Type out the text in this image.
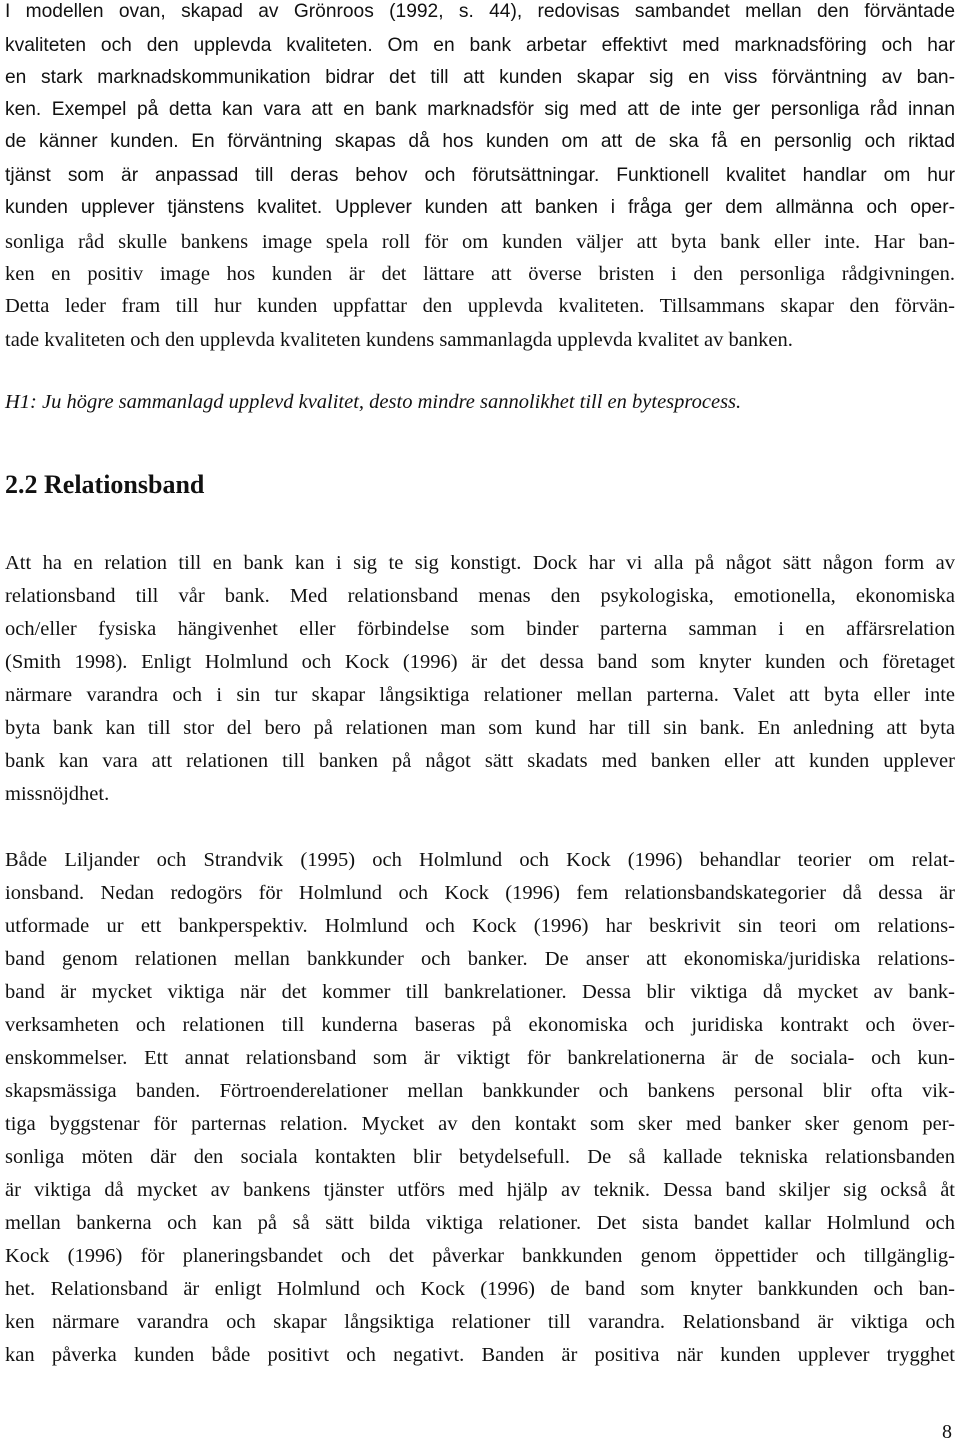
I modellen ovan, skapad av Grönroos (1992, s. 44), redovisas sambandet mellan den förväntade
kvaliteten och den upplevda kvaliteten. Om en bank arbetar effektivt med marknadsföring och har
en stark marknadskommunikation bidrar det till att kunden skapar sig en viss förväntning av ban-
ken. Exempel på detta kan vara att en bank marknadsför sig med att de inte ger personliga råd innan
de känner kunden. En förväntning skapas då hos kunden om att de ska få en personlig och riktad
tjänst som är anpassad till deras behov och förutsättningar. Funktionell kvalitet handlar om hur
kunden upplever tjänstens kvalitet. Upplever kunden att banken i fråga ger dem allmänna och oper-
sonliga råd skulle bankens image spela roll för om kunden väljer att byta bank eller inte. Har ban-
ken en positiv image hos kunden är det lättare att överse bristen i den personliga rådgivningen.
Detta leder fram till hur kunden uppfattar den upplevda kvaliteten. Tillsammans skapar den förvän-
tade kvaliteten och den upplevda kvaliteten kundens sammanlagda upplevda kvalitet av banken.
H1: Ju högre sammanlagd upplevd kvalitet, desto mindre sannolikhet till en bytesprocess.
2.2 Relationsband
Att ha en relation till en bank kan i sig te sig konstigt. Dock har vi alla på något sätt någon form av
relationsband till vår bank. Med relationsband menas den psykologiska, emotionella, ekonomiska
och/eller fysiska hängivenhet eller förbindelse som binder parterna samman i en affärsrelation
(Smith 1998). Enligt Holmlund och Kock (1996) är det dessa band som knyter kunden och företaget
närmare varandra och i sin tur skapar långsiktiga relationer mellan parterna. Valet att byta eller inte
byta bank kan till stor del bero på relationen man som kund har till sin bank. En anledning att byta
bank kan vara att relationen till banken på något sätt skadats med banken eller att kunden upplever
missnöjdhet.
Både Liljander och Strandvik (1995) och Holmlund och Kock (1996) behandlar teorier om relat-
ionsband. Nedan redogörs för Holmlund och Kock (1996) fem relationsbandskategorier då dessa är
utformade ur ett bankperspektiv. Holmlund och Kock (1996) har beskrivit sin teori om relations-
band genom relationen mellan bankkunder och banker. De anser att ekonomiska/juridiska relations-
band är mycket viktiga när det kommer till bankrelationer. Dessa blir viktiga då mycket av bank-
verksamheten och relationen till kunderna baseras på ekonomiska och juridiska kontrakt och över-
enskommelser. Ett annat relationsband som är viktigt för bankrelationerna är de sociala- och kun-
skapsmässiga banden. Förtroenderelationer mellan bankkunder och bankens personal blir ofta vik-
tiga byggstenar för parternas relation. Mycket av den kontakt som sker med banker sker genom per-
sonliga möten där den sociala kontakten blir betydelsefull. De så kallade tekniska relationsbanden
är viktiga då mycket av bankens tjänster utförs med hjälp av teknik. Dessa band skiljer sig också åt
mellan bankerna och kan på så sätt bilda viktiga relationer. Det sista bandet kallar Holmlund och
Kock (1996) för planeringsbandet och det påverkar bankkunden genom öppettider och tillgänglig-
het. Relationsband är enligt Holmlund och Kock (1996) de band som knyter bankkunden och ban-
ken närmare varandra och skapar långsiktiga relationer till varandra. Relationsband är viktiga och
kan påverka kunden både positivt och negativt. Banden är positiva när kunden upplever trygghet
8
